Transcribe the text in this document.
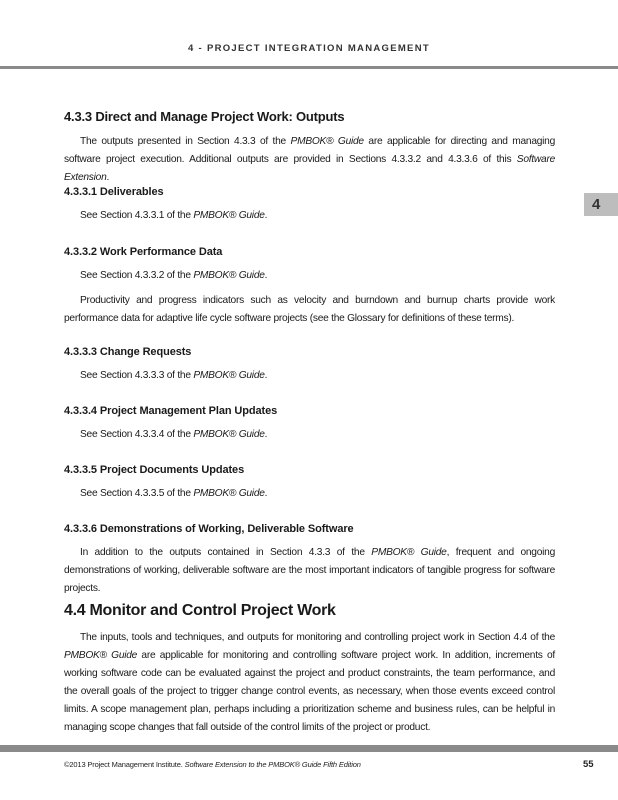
4 - PROJECT INTEGRATION MANAGEMENT
4
4.3.3 Direct and Manage Project Work: Outputs

The outputs presented in Section 4.3.3 of the PMBOK® Guide are applicable for directing and managing software project execution. Additional outputs are provided in Sections 4.3.3.2 and 4.3.3.6 of this Software Extension.

4.3.3.1 Deliverables

See Section 4.3.3.1 of the PMBOK® Guide.

4.3.3.2 Work Performance Data

See Section 4.3.3.2 of the PMBOK® Guide.

Productivity and progress indicators such as velocity and burndown and burnup charts provide work performance data for adaptive life cycle software projects (see the Glossary for definitions of these terms).

4.3.3.3 Change Requests

See Section 4.3.3.3 of the PMBOK® Guide.

4.3.3.4 Project Management Plan Updates

See Section 4.3.3.4 of the PMBOK® Guide.

4.3.3.5 Project Documents Updates

See Section 4.3.3.5 of the PMBOK® Guide.

4.3.3.6 Demonstrations of Working, Deliverable Software

In addition to the outputs contained in Section 4.3.3 of the PMBOK® Guide, frequent and ongoing demonstrations of working, deliverable software are the most important indicators of tangible progress for software projects.

4.4 Monitor and Control Project Work

The inputs, tools and techniques, and outputs for monitoring and controlling project work in Section 4.4 of the PMBOK® Guide are applicable for monitoring and controlling software project work. In addition, increments of working software code can be evaluated against the project and product constraints, the team performance, and the overall goals of the project to trigger change control events, as necessary, when those events exceed control limits. A scope management plan, perhaps including a prioritization scheme and business rules, can be helpful in managing scope changes that fall outside of the control limits of the project or product.

©2013 Project Management Institute. Software Extension to the PMBOK® Guide Fifth Edition	55
